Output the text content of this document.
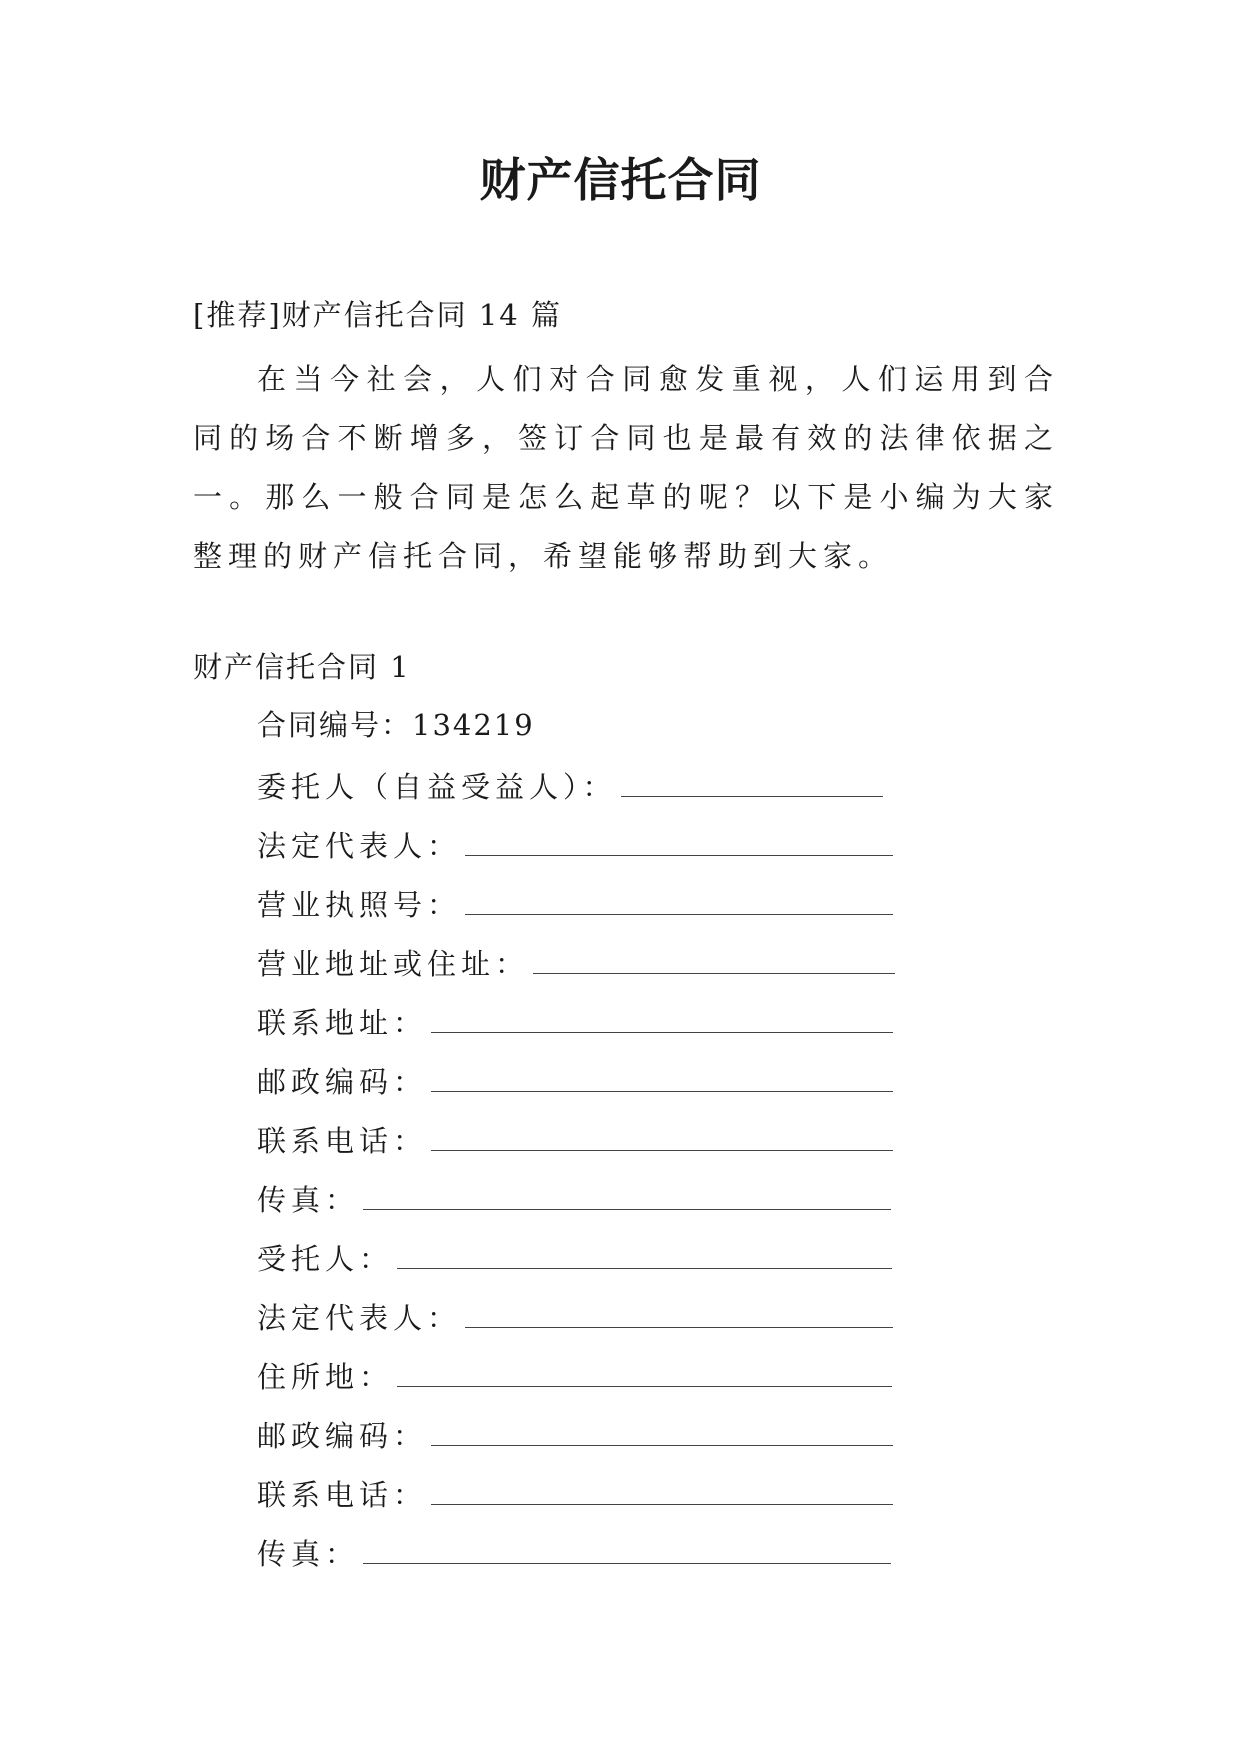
财产信托合同
[推荐]财产信托合同 14 篇

在当今社会，人们对合同愈发重视，人们运用到合同的场合不断增多，签订合同也是最有效的法律依据之一。那么一般合同是怎么起草的呢？以下是小编为大家整理的财产信托合同，希望能够帮助到大家。

财产信托合同 1
合同编号：134219
委托人（自益受益人）：
法定代表人：
营业执照号：
营业地址或住址：
联系地址：
邮政编码：
联系电话：
传真：
受托人：
法定代表人：
住所地：
邮政编码：
联系电话：
传真：
